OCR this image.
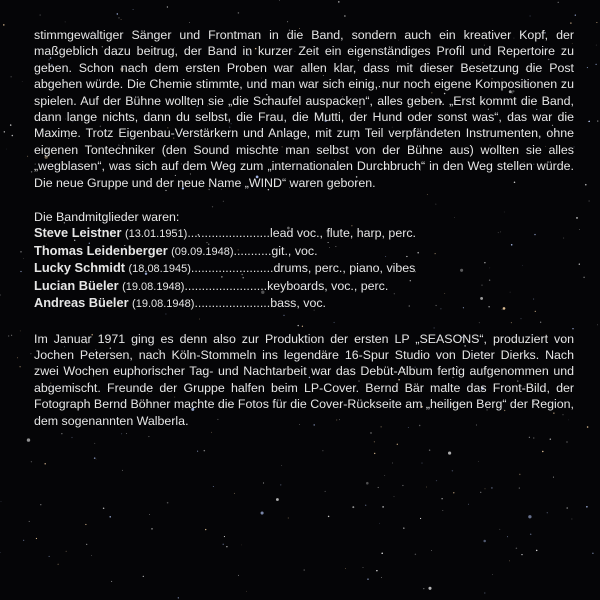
stimmgewaltiger Sänger und Frontman in die Band, sondern auch ein kreativer Kopf, der maßgeblich dazu beitrug, der Band in kurzer Zeit ein eigenständiges Profil und Repertoire zu geben. Schon nach dem ersten Proben war allen klar, dass mit dieser Besetzung die Post abgehen würde. Die Chemie stimmte, und man war sich einig, nur noch eigene Kompositionen zu spielen. Auf der Bühne wollten sie „die Schaufel auspacken“, alles geben. „Erst kommt die Band, dann lange nichts, dann du selbst, die Frau, die Mutti, der Hund oder sonst was“, das war die Maxime. Trotz Eigenbau-Verstärkern und Anlage, mit zum Teil verpfändeten Instrumenten, ohne eigenen Tontechniker (den Sound mischte man selbst von der Bühne aus) wollten sie alles „wegblasen“, was sich auf dem Weg zum „internationalen Durchbruch“ in den Weg stellen würde. Die neue Gruppe und der neue Name „WIND“ waren geboren.

Die Bandmitglieder waren:

Steve Leistner (13.01.1951)........................lead voc., flute, harp, perc.
Thomas Leidenberger (09.09.1948)...........git., voc.
Lucky Schmidt (18.08.1945)........................drums, perc., piano, vibes
Lucian Büeler (19.08.1948)........................keyboards, voc., perc.
Andreas Büeler (19.08.1948)......................bass, voc.

Im Januar 1971 ging es denn also zur Produktion der ersten LP „SEASONS“, produziert von Jochen Petersen, nach Köln-Stommeln ins legendäre 16-Spur Studio von Dieter Dierks. Nach zwei Wochen euphorischer Tag- und Nachtarbeit war das Debüt-Album fertig aufgenommen und abgemischt. Freunde der Gruppe halfen beim LP-Cover. Bernd Bär malte das Front-Bild, der Fotograph Bernd Böhner machte die Fotos für die Cover-Rückseite am „heiligen Berg“ der Region, dem sogenannten Walberla.
